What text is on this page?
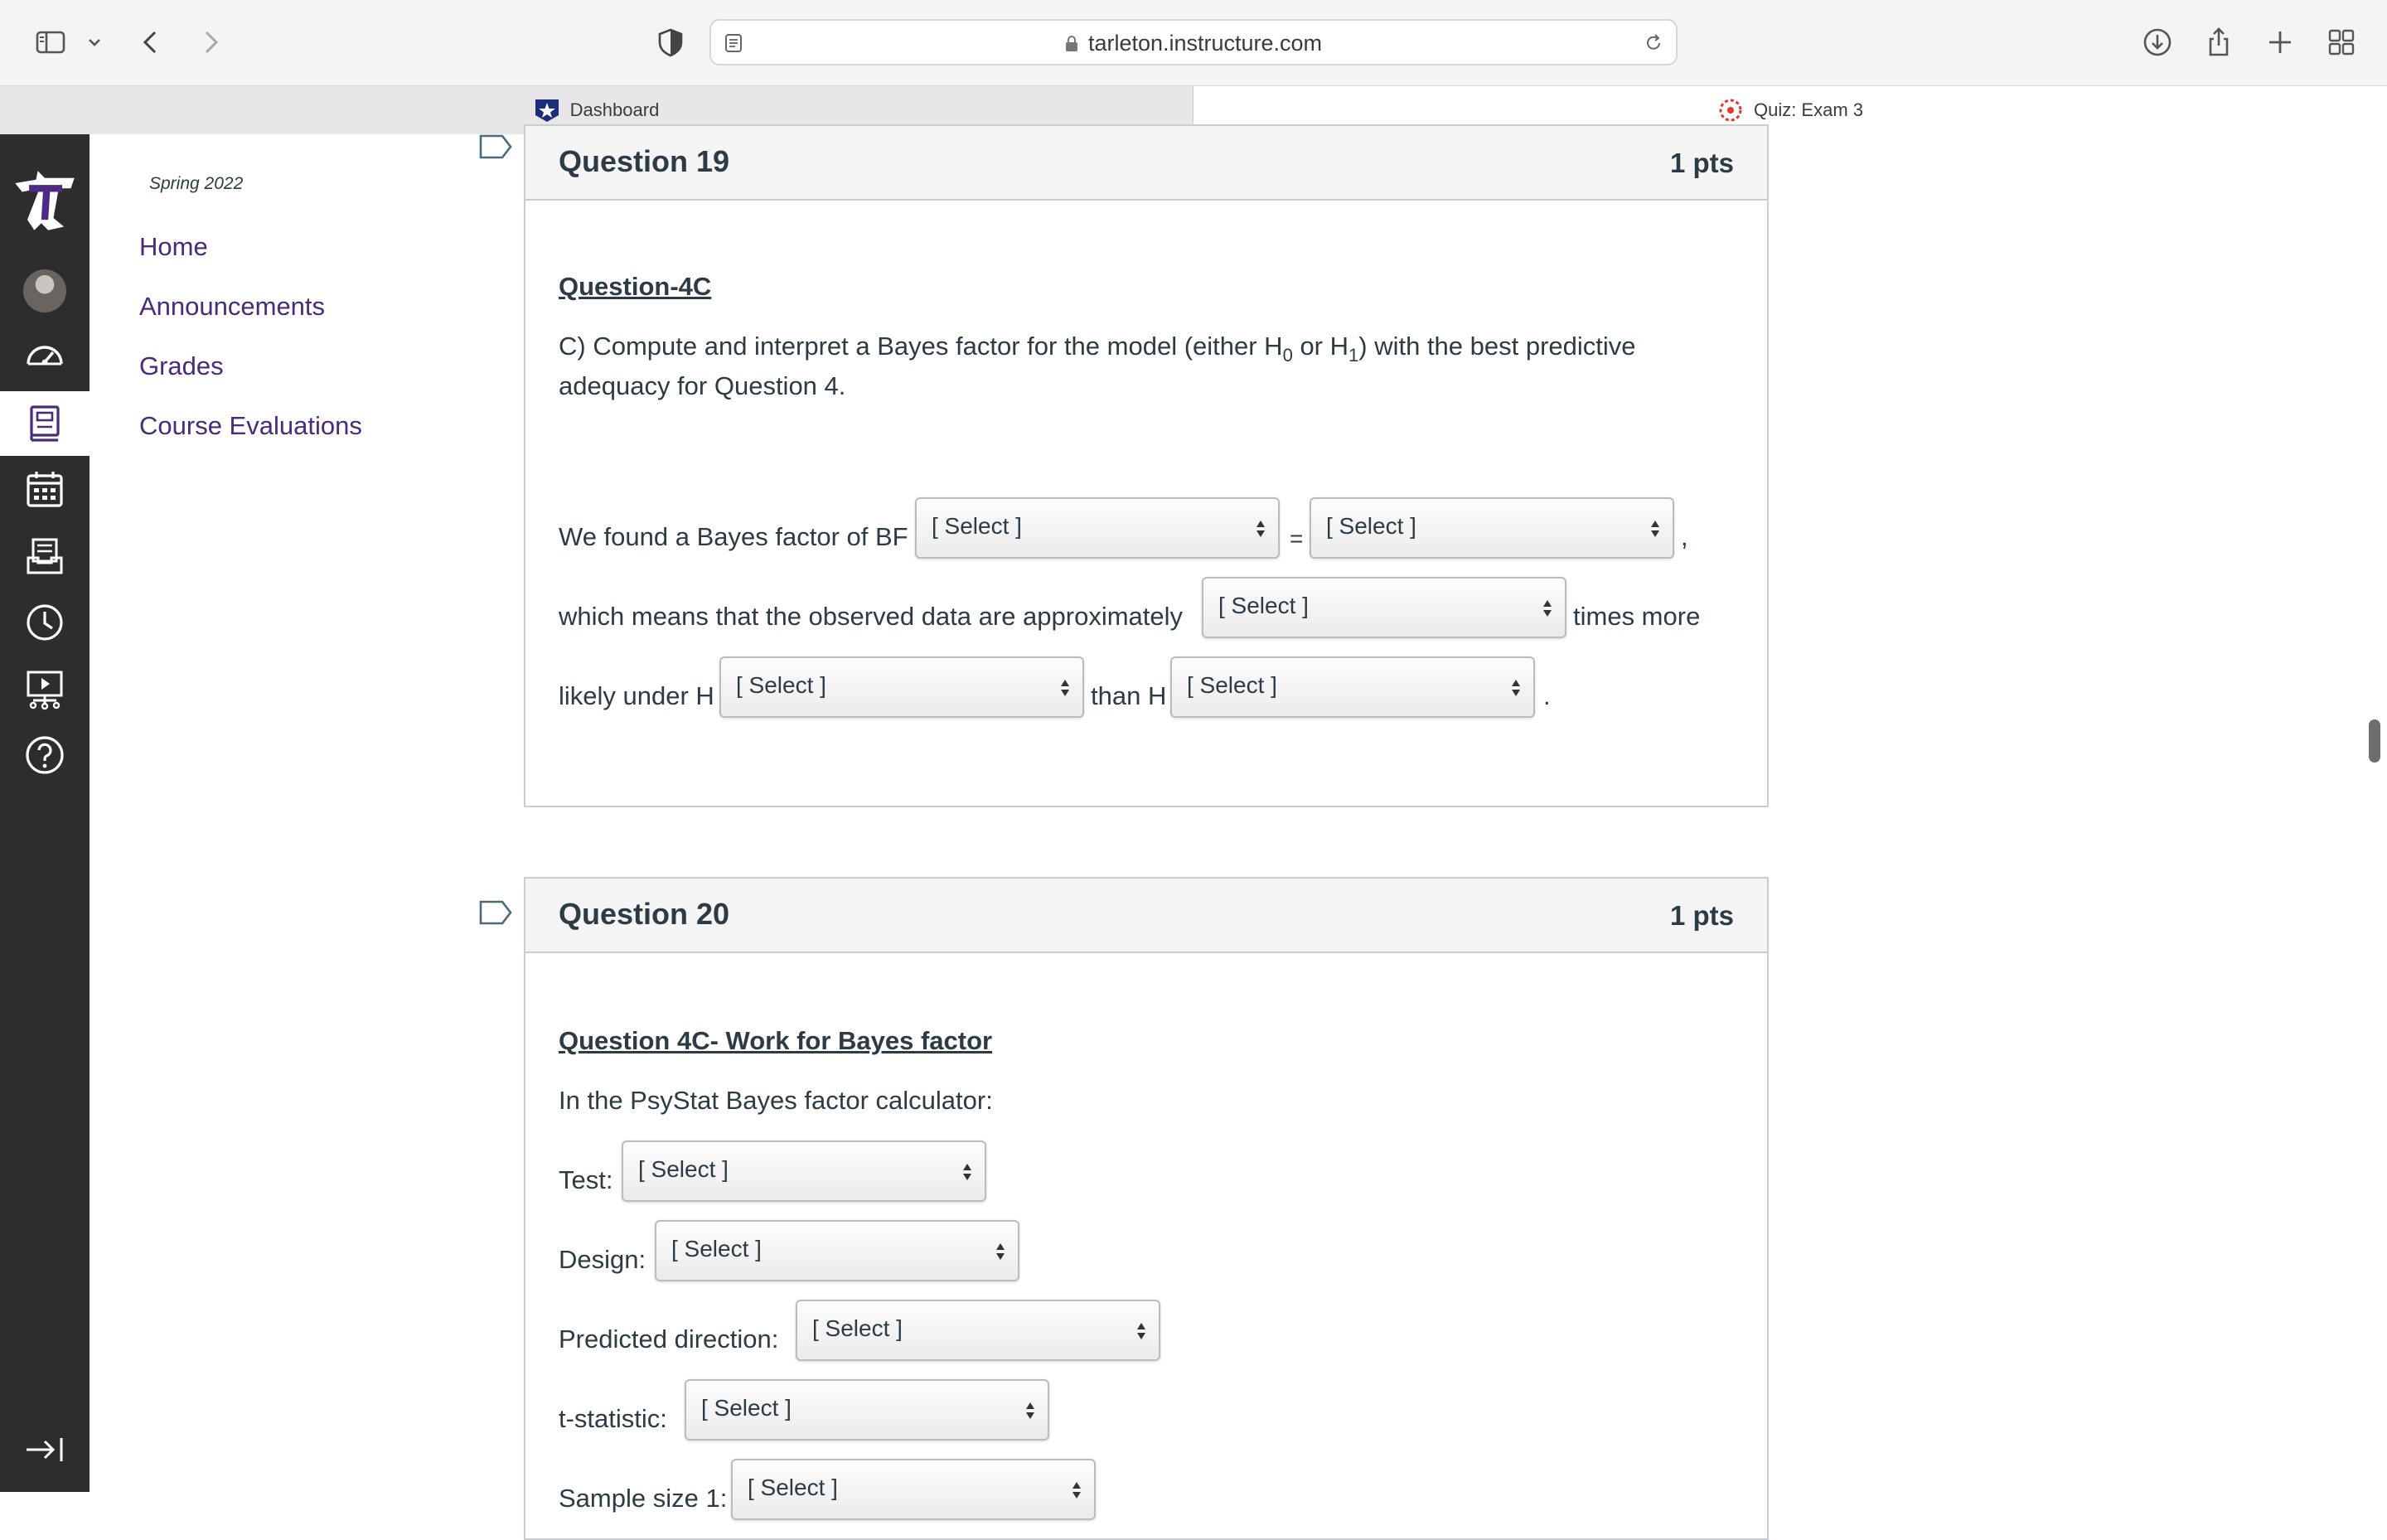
tarleton.instructure.com
Dashboard	Quiz: Exam 3
Spring 2022
Home
Announcements
Grades
Course Evaluations
Question 19	1 pts
Question-4C
C) Compute and interpret a Bayes factor for the model (either $H_0$ or $H_1$) with the best predictive
adequacy for Question 4.
We found a Bayes factor of BF	[ Select ]	= [ Select ]	,
which means that the observed data are approximately	[ Select ]	times more
likely under H [ Select ]	than H [ Select ]	.
Question 20	1 pts
Question 4C- Work for Bayes factor
In the PsyStat Bayes factor calculator:
Test:	[ Select ]
Design:	[ Select ]
Predicted direction:	[ Select ]
t-statistic:	[ Select ]
Sample size 1: [ Select ]
